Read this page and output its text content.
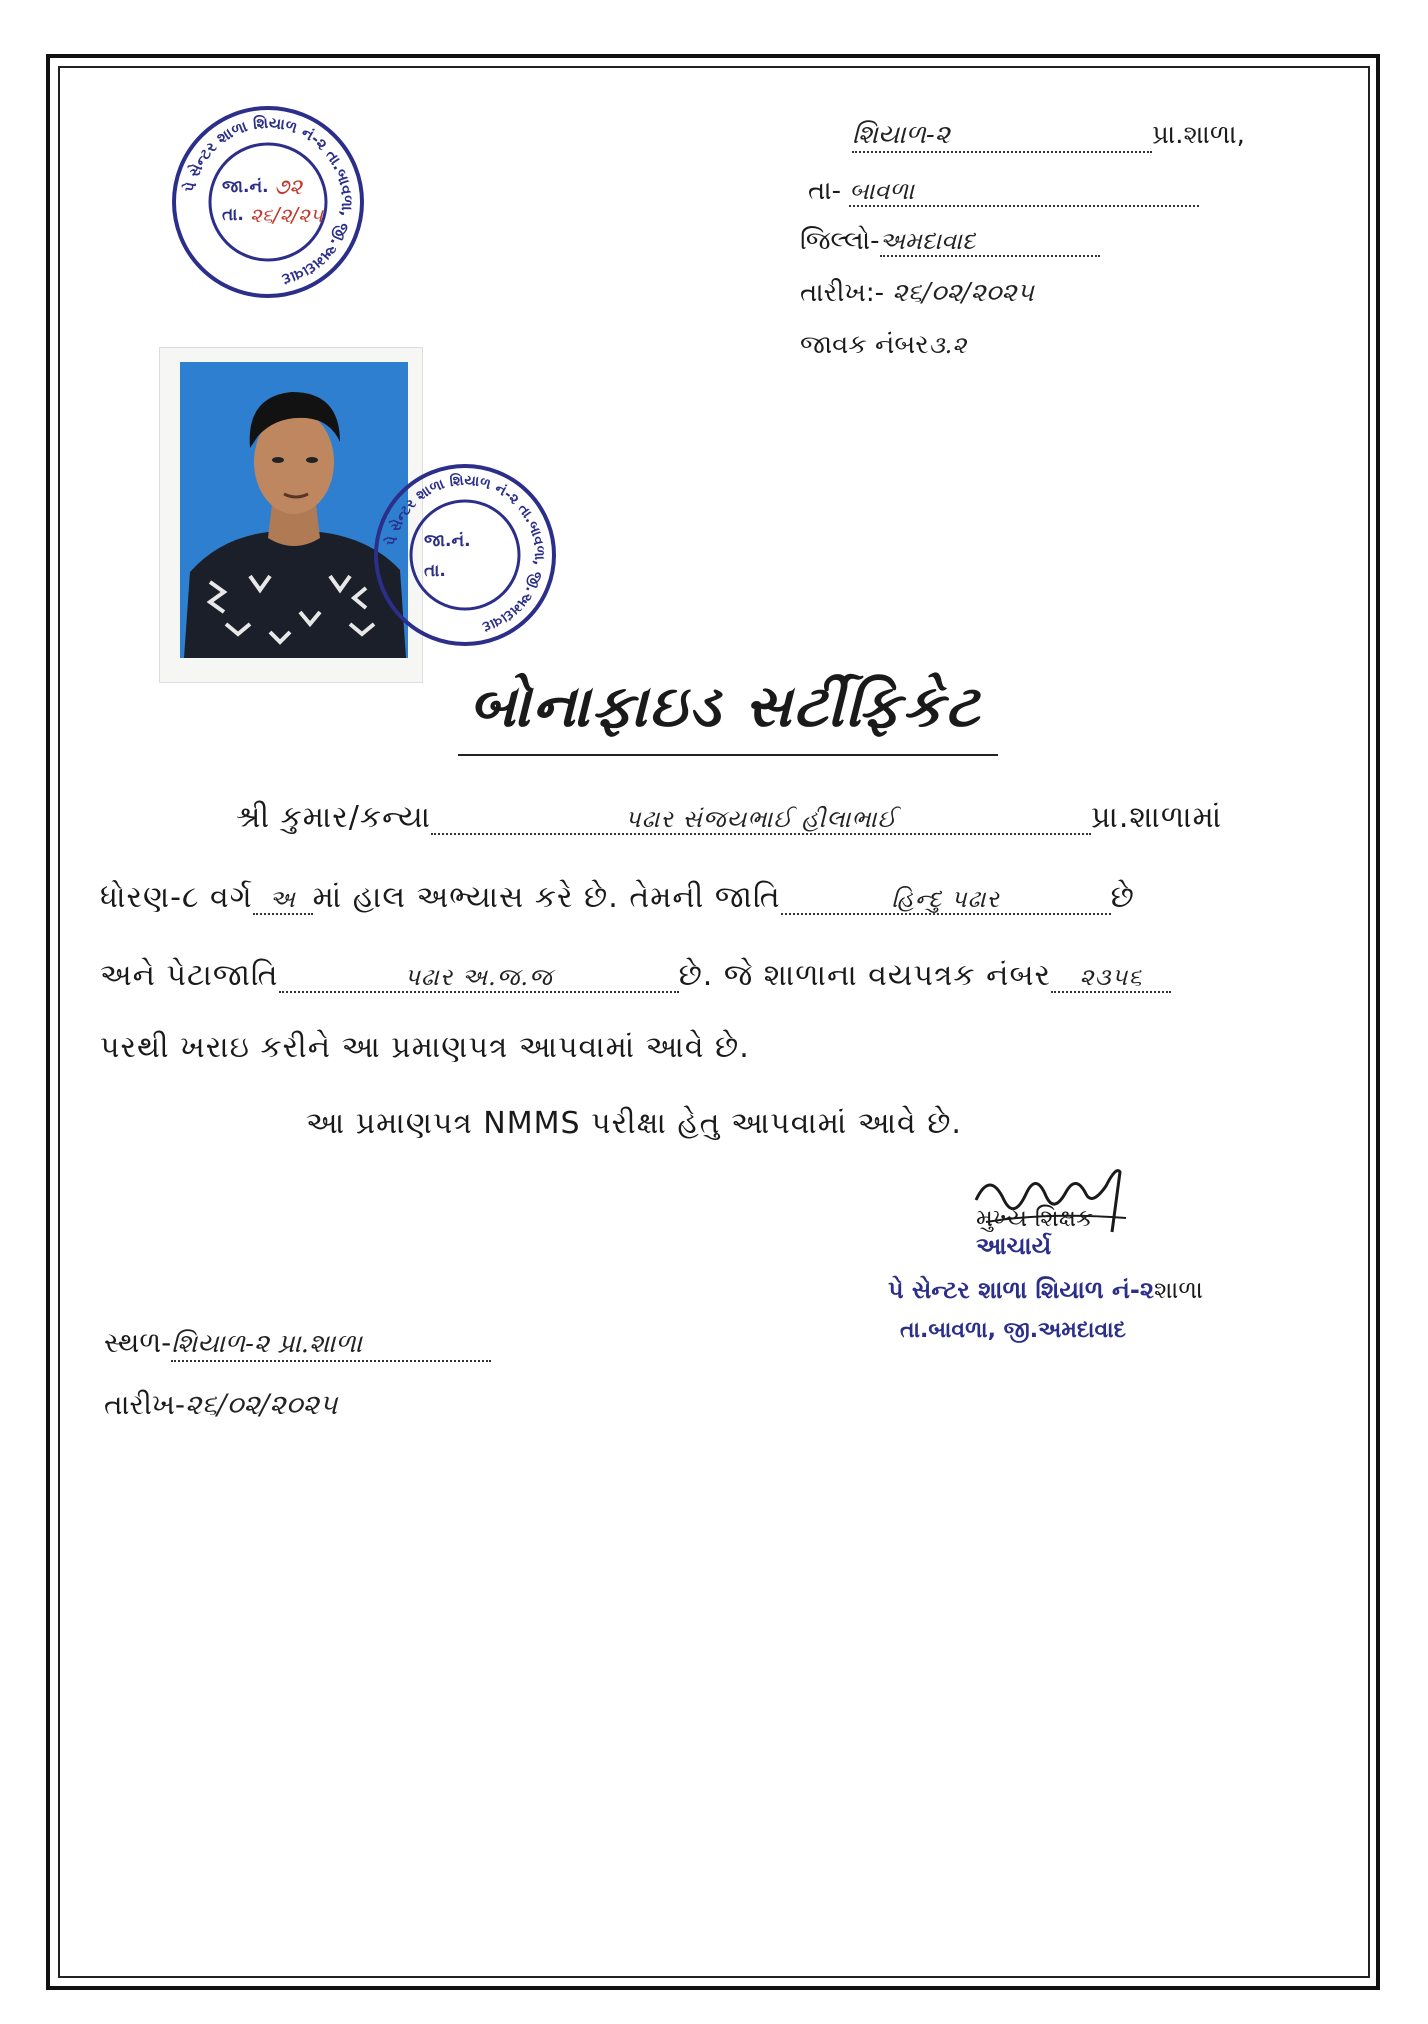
પે સેન્ટર શાળા શિયાળ નં-૨ તા.બાવળા, જી.અમદાવાદ
જા.નં. ૭૨
તા. ૨૬/૨/૨૫
શિયાળ-૨	પ્રા.શાળા,
તા- બાવળા
જિલ્લો-અમદાવાદ
તારીખ:- ૨૬/૦૨/૨૦૨૫
જાવક નંબર૩.૨
પે સેન્ટર શાળા શિયાળ નં-૨ તા.બાવળા, જી.અમદાવાદ
જા.નં.
તા.
બોનાફાઇડ સર્ટીફિકેટ
શ્રી કુમાર/કન્યા	પઢાર સંજયભાઈ હીલાભાઈ	પ્રા.શાળામાં
ધોરણ-૮ વર્ગ અ માં હાલ અભ્યાસ કરે છે. તેમની જાતિ	હિન્દુ પઢાર	છે
અને પેટાજાતિ	પઢાર અ.જ.જ	છે. જે શાળાના વયપત્રક નંબર ૨૩૫૬
પરથી ખરાઇ કરીને આ પ્રમાણપત્ર આપવામાં આવે છે.
આ પ્રમાણપત્ર NMMS પરીક્ષા હેતુ આપવામાં આવે છે.
મુખ્ય શિક્ષક
આચાર્ય
પે સેન્ટર શાળા શિયાળ નં-૨શાળા
તા.બાવળા, જી.અમદાવાદ
સ્થળ-શિયાળ-૨ પ્રા.શાળા
તારીખ-૨૬/૦૨/૨૦૨૫
